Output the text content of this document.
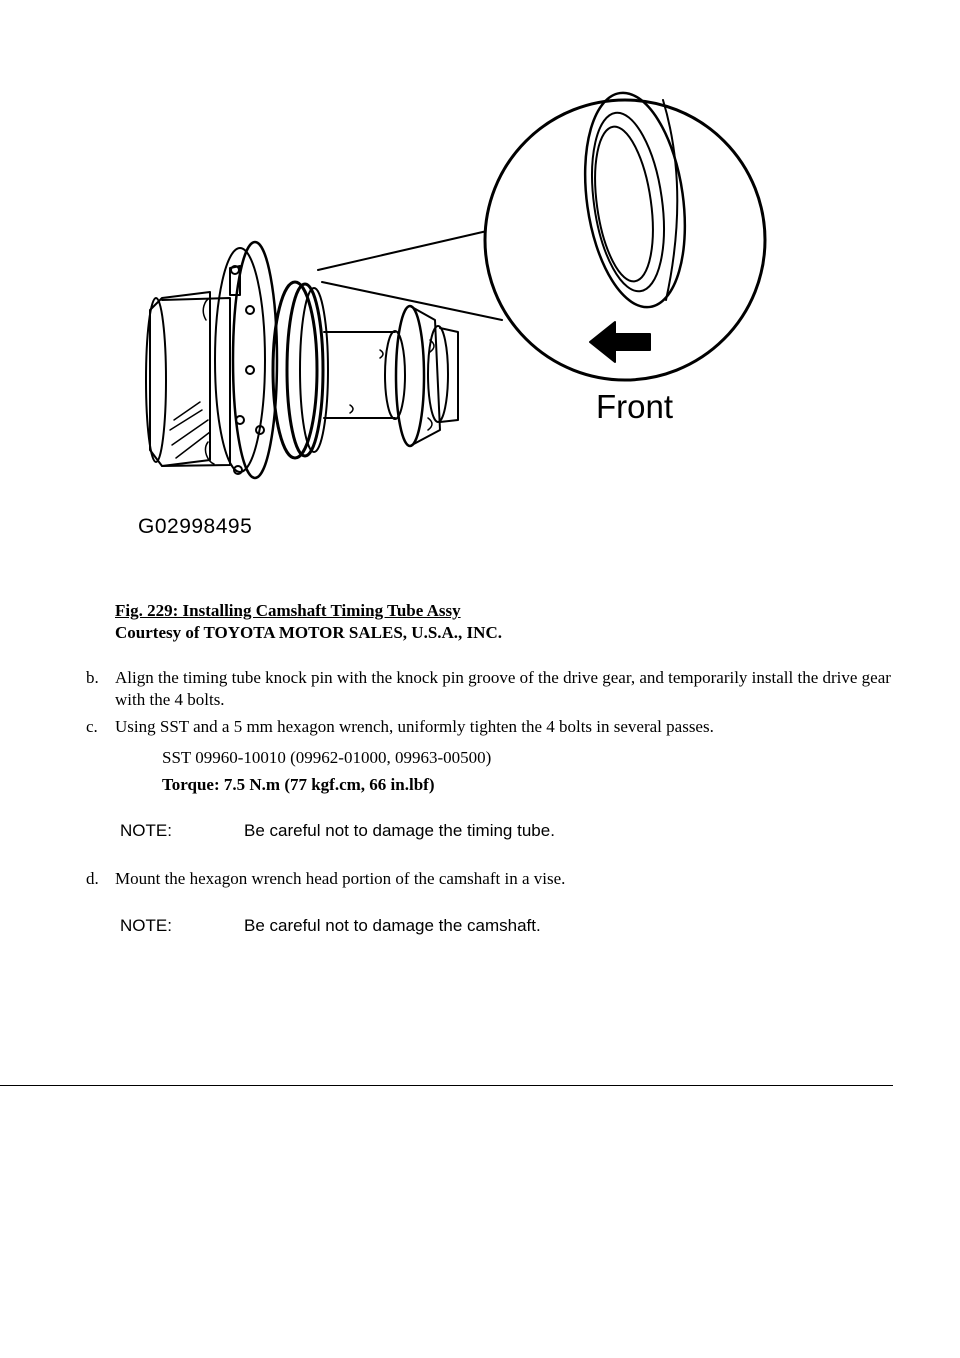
Front
G02998495
Fig. 229: Installing Camshaft Timing Tube Assy
Courtesy of TOYOTA MOTOR SALES, U.S.A., INC.
b. Align the timing tube knock pin with the knock pin groove of the drive gear, and temporarily install the drive gear with the 4 bolts.
c. Using SST and a 5 mm hexagon wrench, uniformly tighten the 4 bolts in several passes.
SST 09960-10010 (09962-01000, 09963-00500)
Torque: 7.5 N.m (77 kgf.cm, 66 in.lbf)
NOTE:	Be careful not to damage the timing tube.
d. Mount the hexagon wrench head portion of the camshaft in a vise.
NOTE:	Be careful not to damage the camshaft.
